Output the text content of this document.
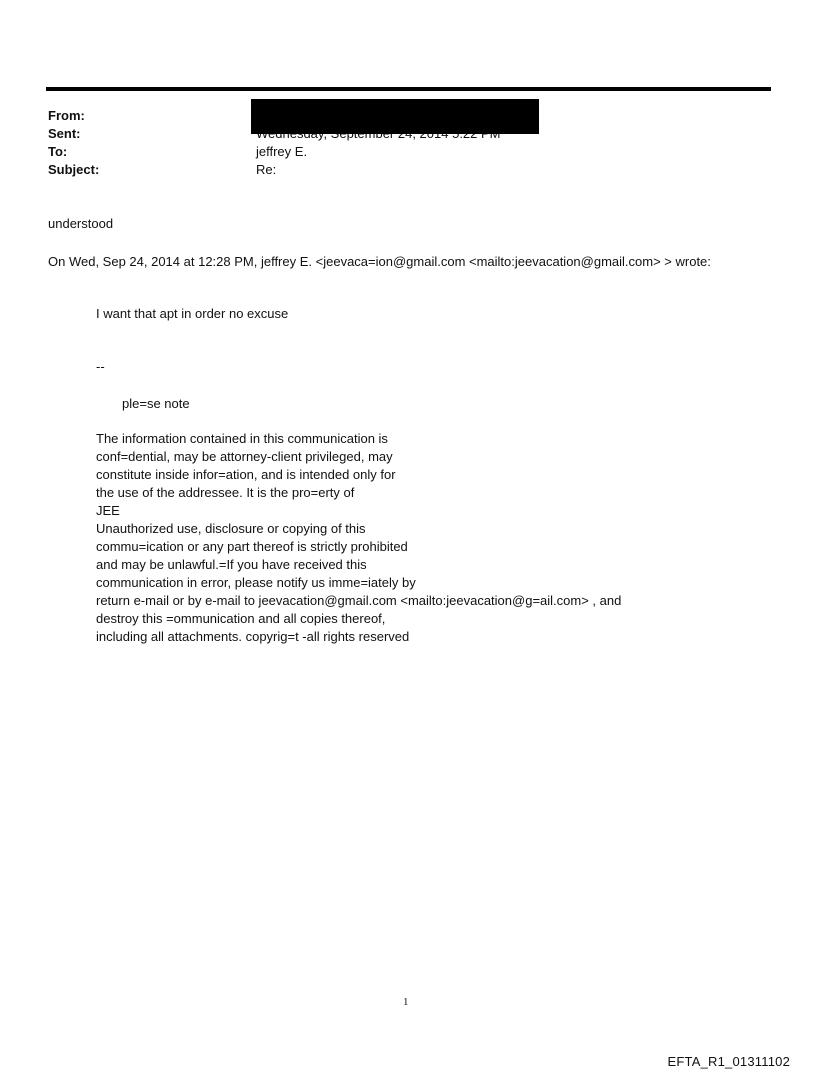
From:
Sent:
To:
Subject:
jeffrey E.
Re:
understood
On Wed, Sep 24, 2014 at 12:28 PM, jeffrey E. <jeevaca=ion@gmail.com <mailto:jeevacation@gmail.com> > wrote:
I want that apt in order no excuse
--
ple=se note
The information contained in this communication is
conf=dential, may be attorney-client privileged, may
constitute inside infor=ation, and is intended only for
the use of the addressee. It is the pro=erty of
JEE
Unauthorized use, disclosure or copying of this
commu=ication or any part thereof is strictly prohibited
and may be unlawful.=If you have received this
communication in error, please notify us imme=iately by
return e-mail or by e-mail to jeevacation@gmail.com <mailto:jeevacation@g=ail.com> , and
destroy this =ommunication and all copies thereof,
including all attachments. copyrig=t -all rights reserved
1
EFTA_R1_01311102
